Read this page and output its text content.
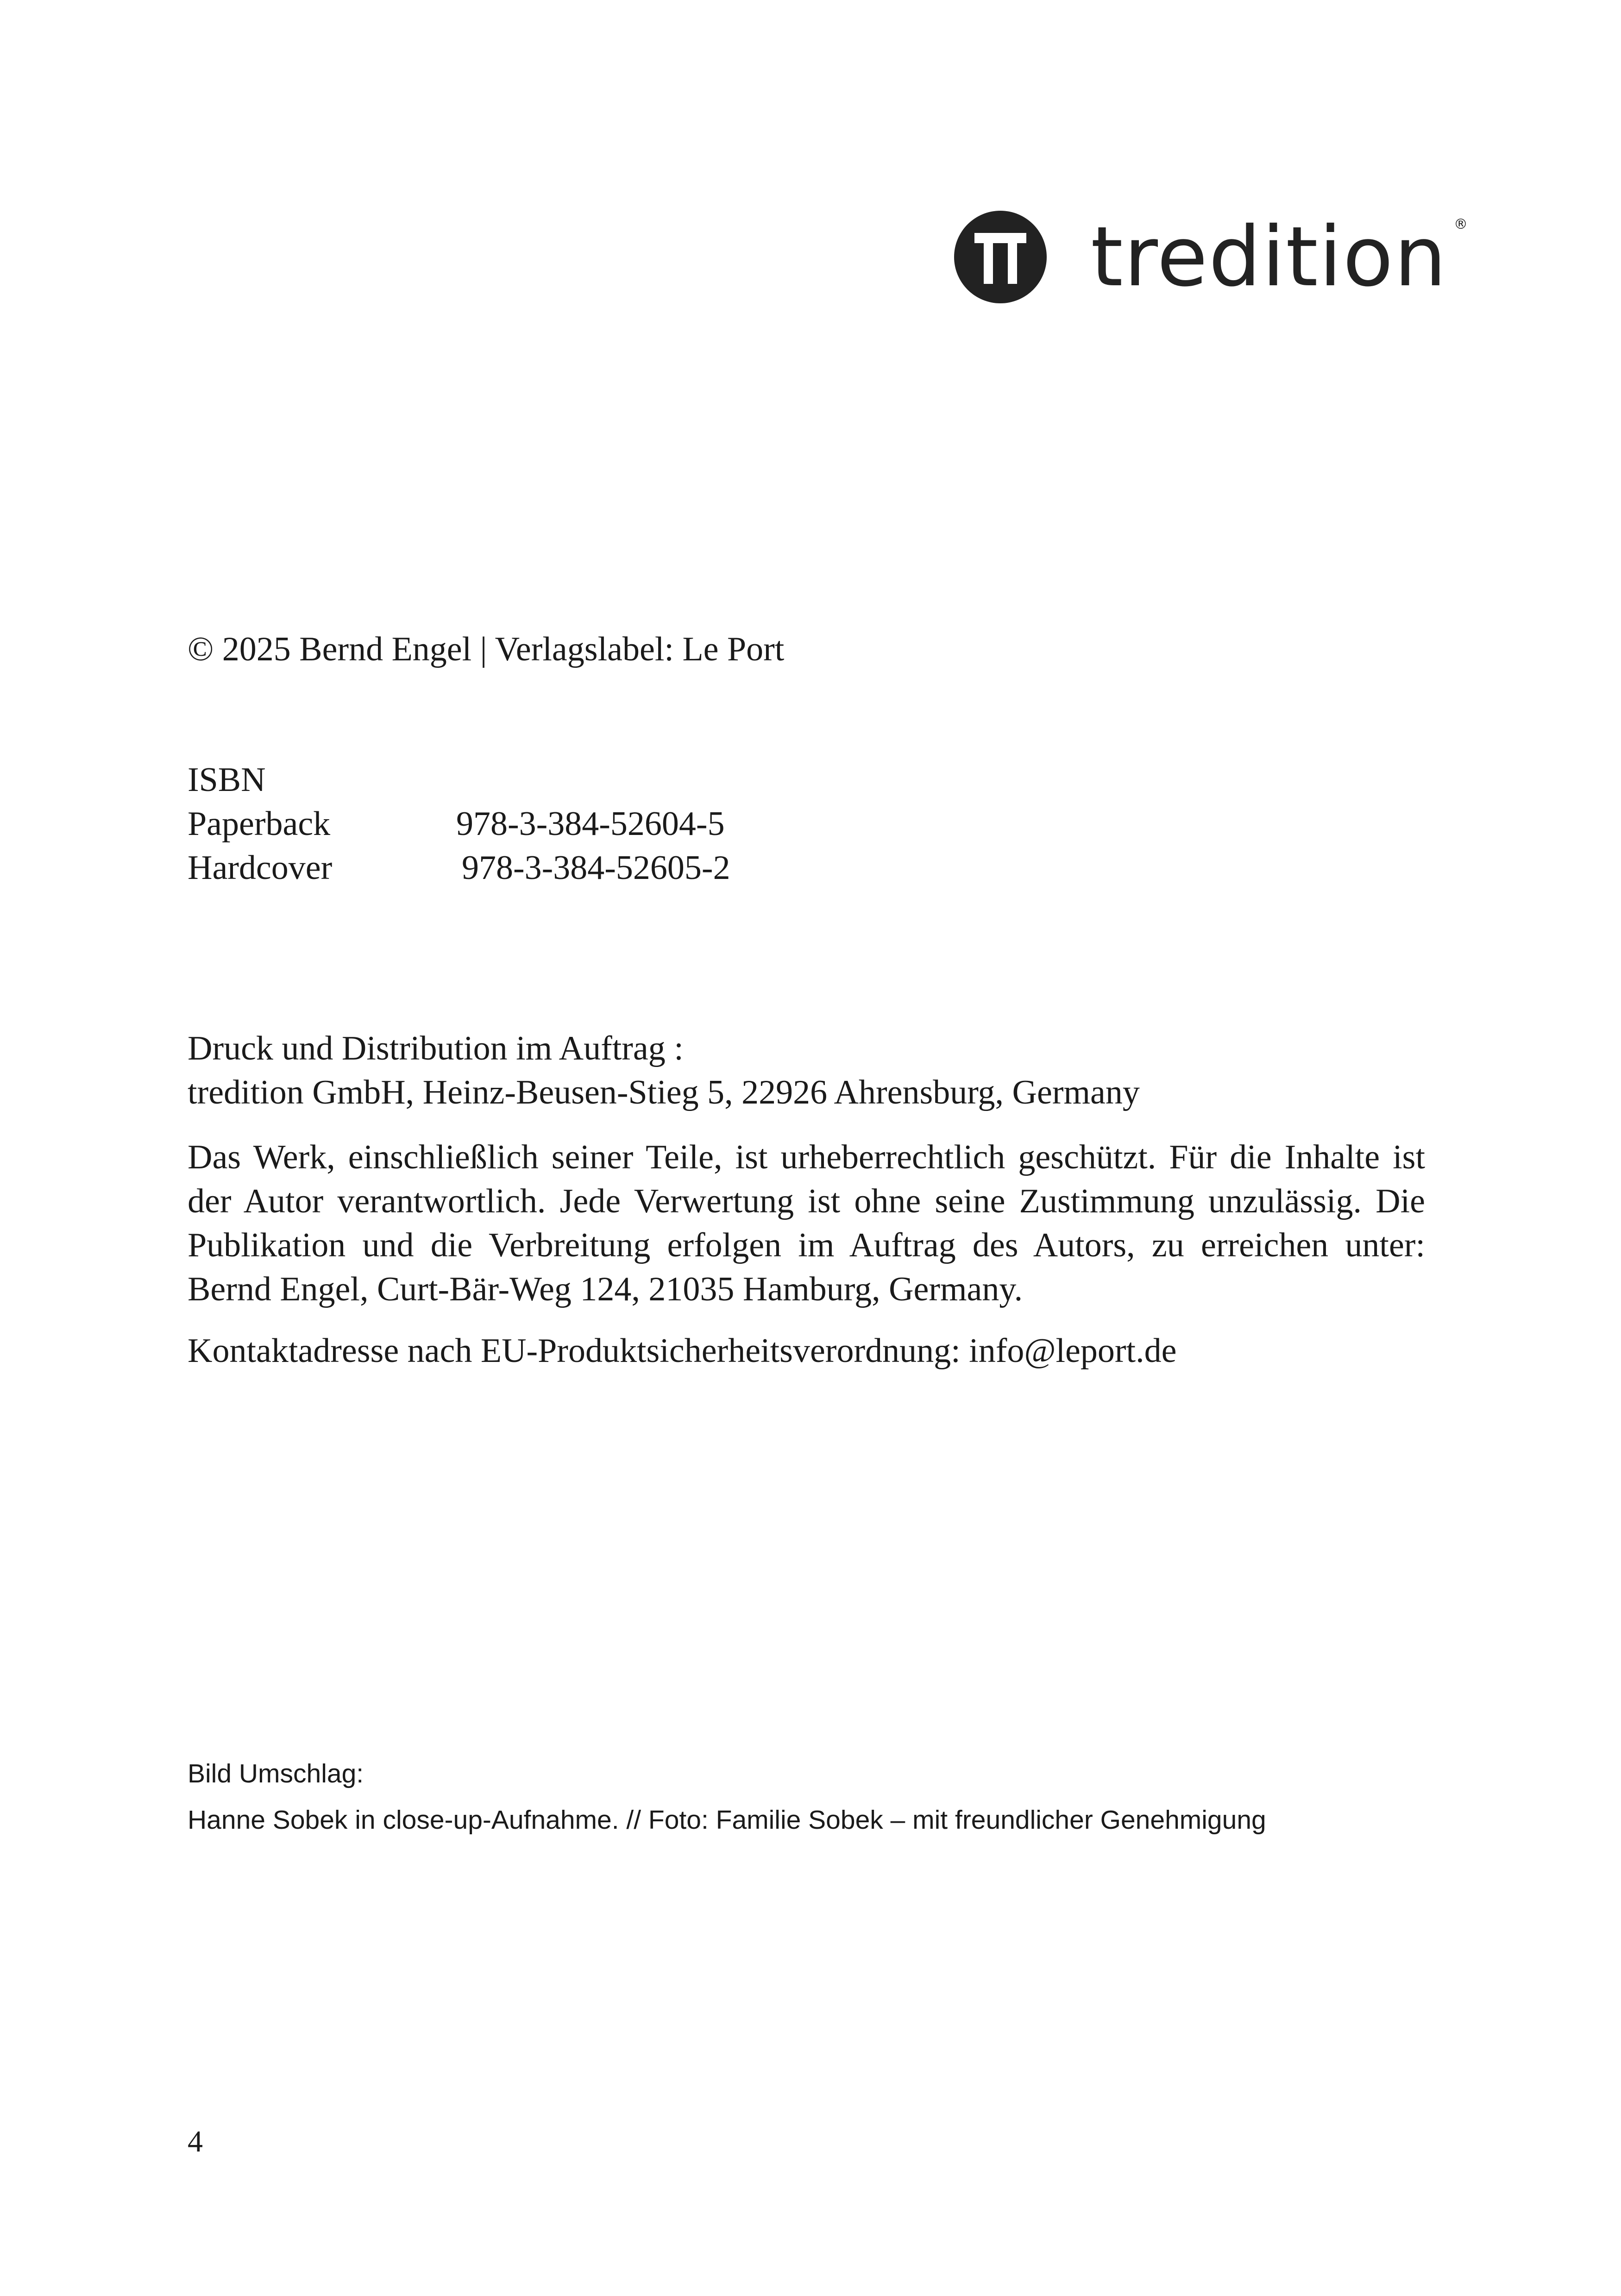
tredition ®
© 2025 Bernd Engel | Verlagslabel: Le Port
ISBN
Paperback	978-3-384-52604-5
Hardcover	978-3-384-52605-2
Druck und Distribution im Auftrag :
tredition GmbH, Heinz-Beusen-Stieg 5, 22926 Ahrensburg, Germany
Das Werk, einschließlich seiner Teile, ist urheberrechtlich geschützt. Für die Inhalte ist der Autor verantwortlich. Jede Verwertung ist ohne seine Zustimmung unzulässig. Die Publikation und die Verbreitung erfolgen im Auftrag des Autors, zu erreichen unter: Bernd Engel, Curt-Bär-Weg 124, 21035 Hamburg, Germany.
Kontaktadresse nach EU-Produktsicherheitsverordnung: info@leport.de
Bild Umschlag:
Hanne Sobek in close-up-Aufnahme. // Foto: Familie Sobek – mit freundlicher Genehmigung
4
